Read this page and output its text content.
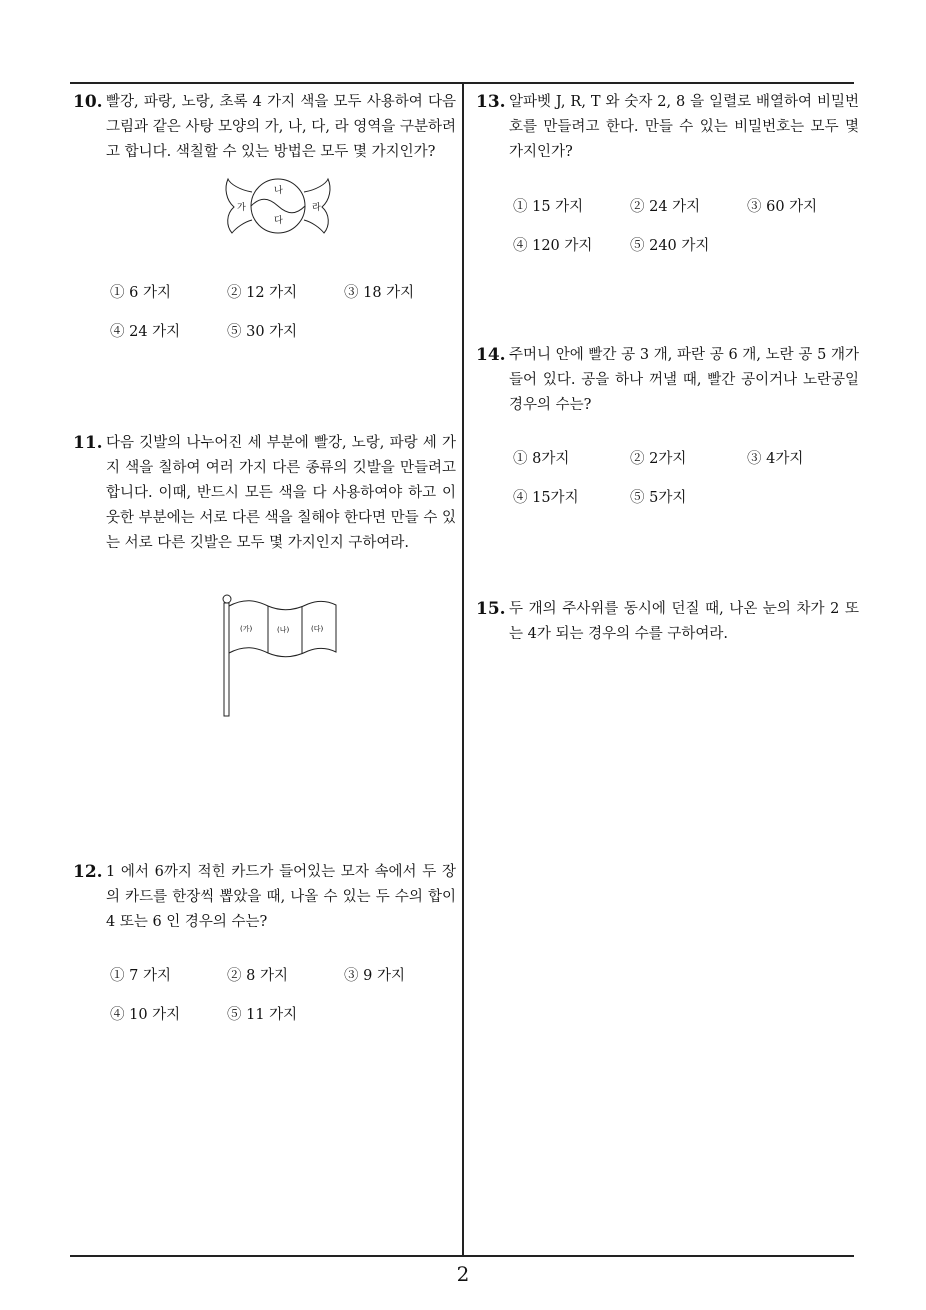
10. 빨강, 파랑, 노랑, 초록 4 가지 색을 모두 사용하여 다음 그림과 같은 사탕 모양의 가, 나, 다, 라 영역을 구분하려고 합니다. 색칠할 수 있는 방법은 모두 몇 가지인가?
가
나
다
라
① 6 가지	② 12 가지	③ 18 가지
④ 24 가지	⑤ 30 가지
11. 다음 깃발의 나누어진 세 부분에 빨강, 노랑, 파랑 세 가지 색을 칠하여 여러 가지 다른 종류의 깃발을 만들려고 합니다. 이때, 반드시 모든 색을 다 사용하여야 하고 이웃한 부분에는 서로 다른 색을 칠해야 한다면 만들 수 있는 서로 다른 깃발은 모두 몇 가지인지 구하여라.
(가)	(나)	(다)
12. 1 에서 6까지 적힌 카드가 들어있는 모자 속에서 두 장의 카드를 한장씩 뽑았을 때, 나올 수 있는 두 수의 합이 4 또는 6 인 경우의 수는?
① 7 가지	② 8 가지	③ 9 가지
④ 10 가지	⑤ 11 가지
13. 알파벳 J, R, T 와 숫자 2, 8 을 일렬로 배열하여 비밀번호를 만들려고 한다. 만들 수 있는 비밀번호는 모두 몇 가지인가?
① 15 가지	② 24 가지	③ 60 가지
④ 120 가지	⑤ 240 가지
14. 주머니 안에 빨간 공 3 개, 파란 공 6 개, 노란 공 5 개가 들어 있다. 공을 하나 꺼낼 때, 빨간 공이거나 노란공일 경우의 수는?
① 8가지	② 2가지	③ 4가지
④ 15가지	⑤ 5가지
15. 두 개의 주사위를 동시에 던질 때, 나온 눈의 차가 2 또는 4가 되는 경우의 수를 구하여라.
2
